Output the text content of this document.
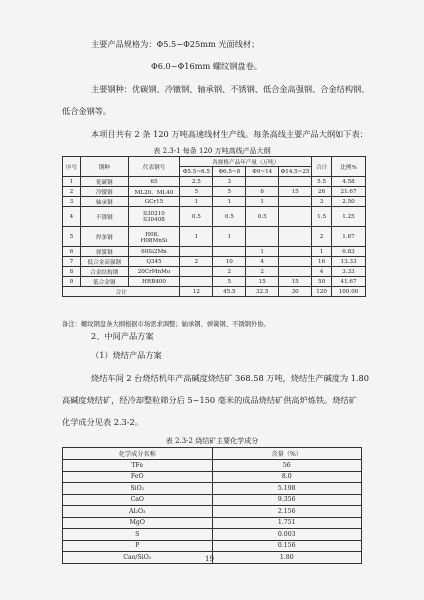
主要产品规格为：Φ5.5~Φ25mm 光面线材；
Φ6.0~Φ16mm 螺纹钢盘卷。
主要钢种：优碳钢、冷镦钢、轴承钢、不锈钢、低合金高强钢、合金结构钢、
低合金钢等。
本项目共有 2 条 120 万吨高速线材生产线。每条高线主要产品大纲如下表：
表 2.3-1 每条 120 万吨高线产品大纲
序号	钢种	代表钢号	各规格产品年产量（万吨）				合计	比例%
			Φ5.5~6.5	Φ6.5~8	Φ9~14	Φ14.5~25		
1	优碳钢	65	2.5	3			5.5	4.58
2	冷镦钢	ML20、ML40	5	5	6	15	26	21.67
3	轴承钢	GCr15	1	1	1		3	2.50
4	不锈钢	S30210
S30408	0.5	0.5	0.5		1.5	1.25
5	焊条钢	H08、
H08MnSi	1	1			2	1.67
6	弹簧钢	60Si2Mn			1		1	0.83
7	低合金高强钢	Q345	2	10	4		16	13.33
8	合金结构钢	20CrMnMo		2	2		4	3.33
9	低合金钢	HRB400		5	15	15	50	41.67
合计			12	45.5	32.5	30	120	100.00
备注：螺纹钢盘条大纲根据市场需求调整；轴承钢、弹簧钢、不锈钢外协。
2、中间产品方案
（1）烧结产品方案
烧结车间 2 台烧结机年产高碱度烧结矿 368.58 万吨，烧结生产碱度为 1.80
高碱度烧结矿，经冷却整粒筛分后 5~150 毫米的成品烧结矿供高炉炼铁。烧结矿
化学成分见表 2.3-2。
表 2.3-2 烧结矿主要化学成分
化学成分名称	含量（%）
TFe	56
FeO	8.0
SiO₂	5.198
CaO	9.356
Al₂O₃	2.156
MgO	1.751
S	0.003
P	0.156
Cao/SiO₂	1.80
19
